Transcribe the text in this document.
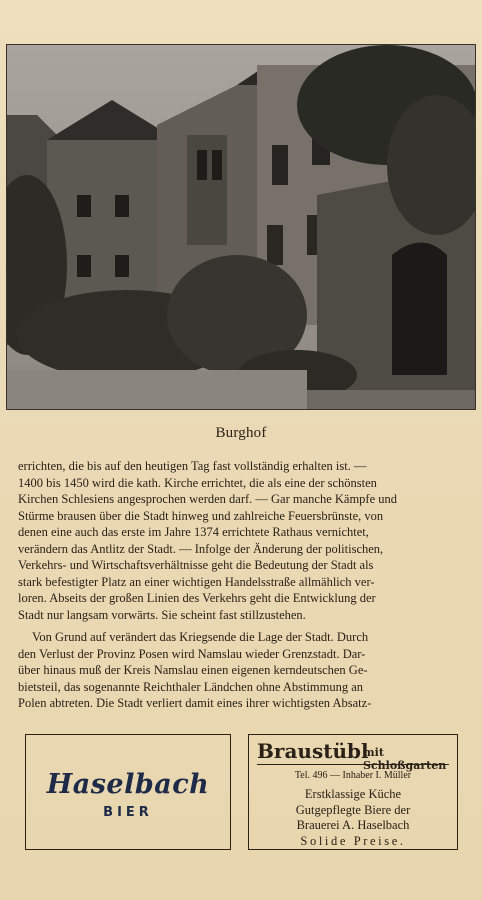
Burghof

errichten, die bis auf den heutigen Tag fast vollständig erhalten ist. —
1400 bis 1450 wird die kath. Kirche errichtet, die als eine der schönsten
Kirchen Schlesiens angesprochen werden darf. — Gar manche Kämpfe und
Stürme brausen über die Stadt hinweg und zahlreiche Feuersbrünste, von
denen eine auch das erste im Jahre 1374 errichtete Rathaus vernichtet,
verändern das Antlitz der Stadt. — Infolge der Änderung der politischen,
Verkehrs- und Wirtschaftsverhältnisse geht die Bedeutung der Stadt als
stark befestigter Platz an einer wichtigen Handelsstraße allmählich ver-
loren. Abseits der großen Linien des Verkehrs geht die Entwicklung der
Stadt nur langsam vorwärts. Sie scheint fast stillzustehen.

Von Grund auf verändert das Kriegsende die Lage der Stadt. Durch
den Verlust der Provinz Posen wird Namslau wieder Grenzstadt. Dar-
über hinaus muß der Kreis Namslau einen eigenen kerndeutschen Ge-
bietsteil, das sogenannte Reichthaler Ländchen ohne Abstimmung an
Polen abtreten. Die Stadt verliert damit eines ihrer wichtigsten Absatz-

Haselbach
BIER
Braustübl
mit Schloßgarten
Tel. 496 — Inhaber I. Müller
Erstklassige Küche
Gutgepflegte Biere der
Brauerei A. Haselbach
Solide Preise.
